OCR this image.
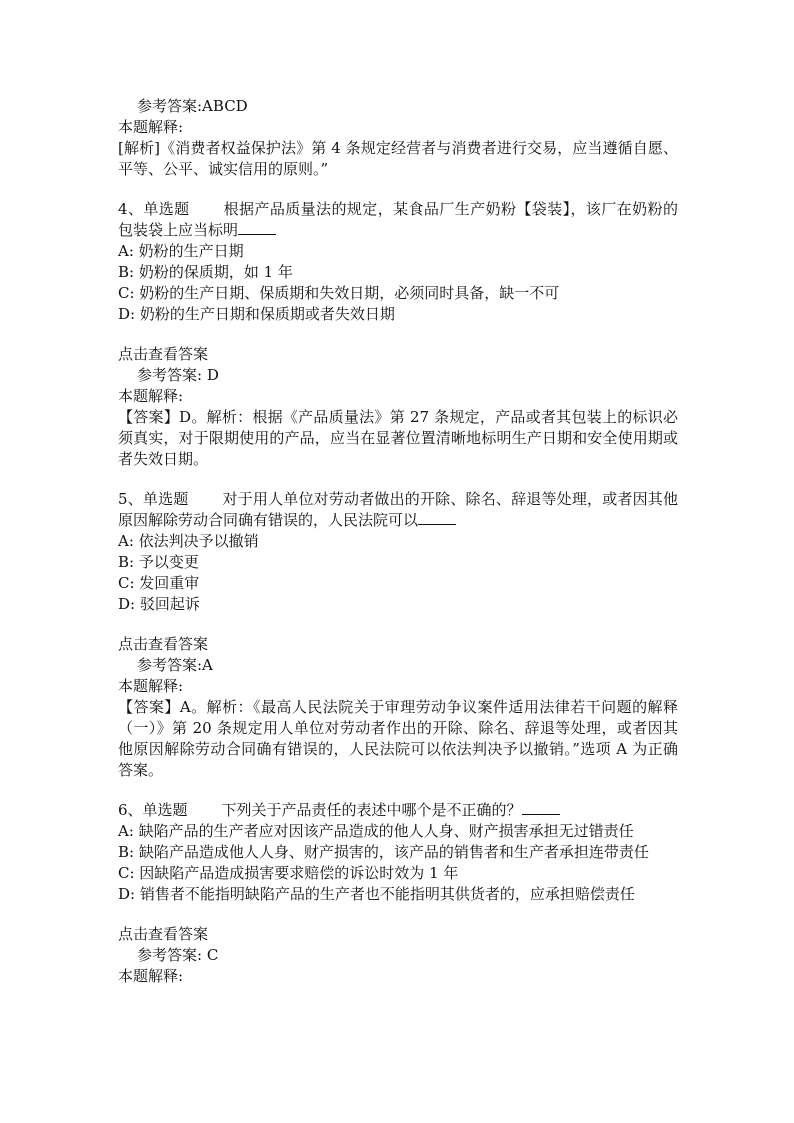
参考答案:ABCD

本题解释:

[解析]《消费者权益保护法》第 4 条规定经营者与消费者进行交易，应当遵循自愿、平等、公平、诚实信用的原则。”

4、单选题 根据产品质量法的规定，某食品厂生产奶粉【袋装】，该厂在奶粉的包装袋上应当标明

A: 奶粉的生产日期

B: 奶粉的保质期，如 1 年

C: 奶粉的生产日期、保质期和失效日期，必须同时具备，缺一不可

D: 奶粉的生产日期和保质期或者失效日期

点击查看答案

参考答案: D

本题解释:

【答案】D。解析：根据《产品质量法》第 27 条规定，产品或者其包装上的标识必须真实，对于限期使用的产品，应当在显著位置清晰地标明生产日期和安全使用期或者失效日期。

5、单选题 对于用人单位对劳动者做出的开除、除名、辞退等处理，或者因其他原因解除劳动合同确有错误的，人民法院可以

A: 依法判决予以撤销

B: 予以变更

C: 发回重审

D: 驳回起诉

点击查看答案

参考答案:A

本题解释:

【答案】A。解析：《最高人民法院关于审理劳动争议案件适用法律若干问题的解释（一）》第 20 条规定用人单位对劳动者作出的开除、除名、辞退等处理，或者因其他原因解除劳动合同确有错误的，人民法院可以依法判决予以撤销。”选项 A 为正确答案。

6、单选题 下列关于产品责任的表述中哪个是不正确的？

A: 缺陷产品的生产者应对因该产品造成的他人人身、财产损害承担无过错责任

B: 缺陷产品造成他人人身、财产损害的，该产品的销售者和生产者承担连带责任

C: 因缺陷产品造成损害要求赔偿的诉讼时效为 1 年

D: 销售者不能指明缺陷产品的生产者也不能指明其供货者的，应承担赔偿责任

点击查看答案

参考答案: C

本题解释:
